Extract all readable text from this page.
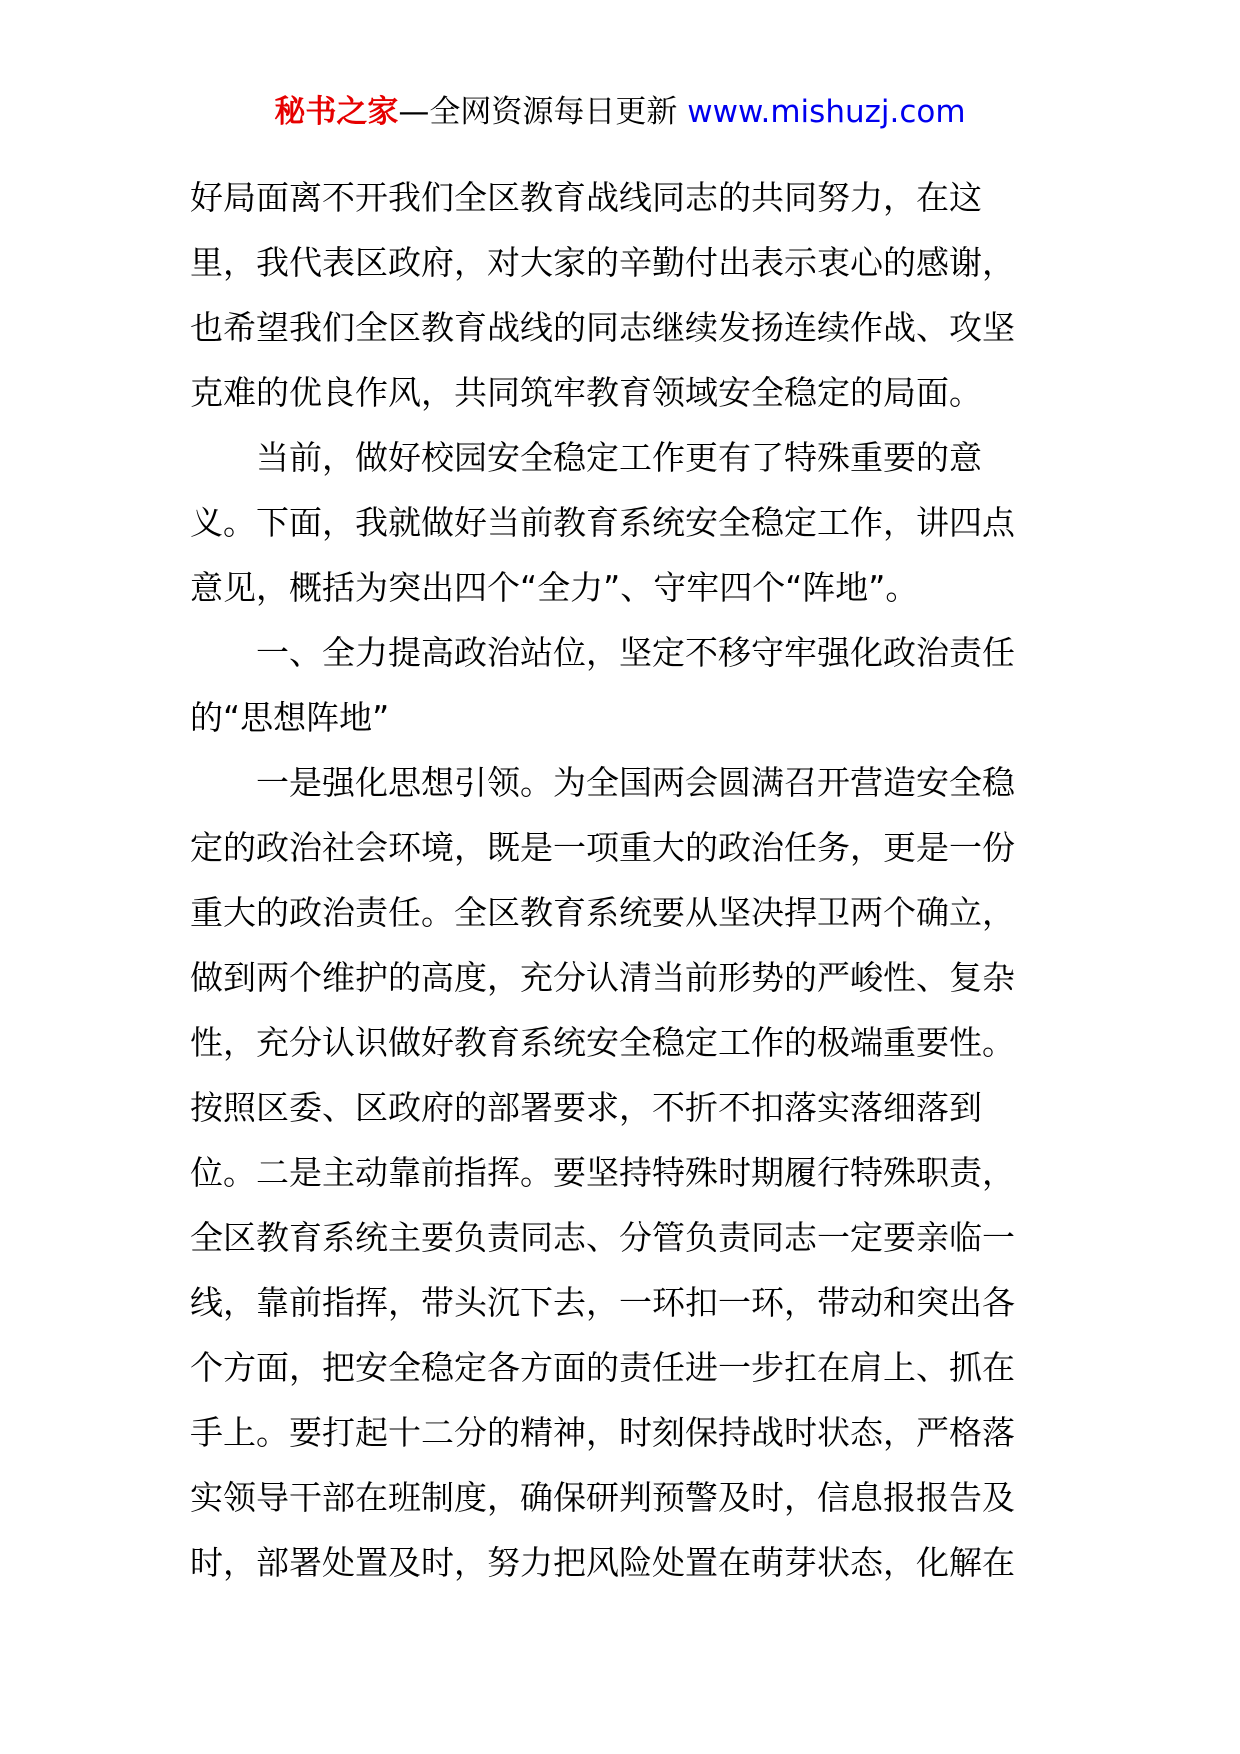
秘书之家—全网资源每日更新 www.mishuzj.com
好局面离不开我们全区教育战线同志的共同努力，在这
里，我代表区政府，对大家的辛勤付出表示衷心的感谢，
也希望我们全区教育战线的同志继续发扬连续作战、攻坚
克难的优良作风，共同筑牢教育领域安全稳定的局面。
　　当前，做好校园安全稳定工作更有了特殊重要的意
义。下面，我就做好当前教育系统安全稳定工作，讲四点
意见，概括为突出四个“全力”、守牢四个“阵地”。
　　一、全力提高政治站位，坚定不移守牢强化政治责任
的“思想阵地”
　　一是强化思想引领。为全国两会圆满召开营造安全稳
定的政治社会环境，既是一项重大的政治任务，更是一份
重大的政治责任。全区教育系统要从坚决捍卫两个确立，
做到两个维护的高度，充分认清当前形势的严峻性、复杂
性，充分认识做好教育系统安全稳定工作的极端重要性。
按照区委、区政府的部署要求，不折不扣落实落细落到
位。二是主动靠前指挥。要坚持特殊时期履行特殊职责，
全区教育系统主要负责同志、分管负责同志一定要亲临一
线，靠前指挥，带头沉下去，一环扣一环，带动和突出各
个方面，把安全稳定各方面的责任进一步扛在肩上、抓在
手上。要打起十二分的精神，时刻保持战时状态，严格落
实领导干部在班制度，确保研判预警及时，信息报报告及
时，部署处置及时，努力把风险处置在萌芽状态，化解在
